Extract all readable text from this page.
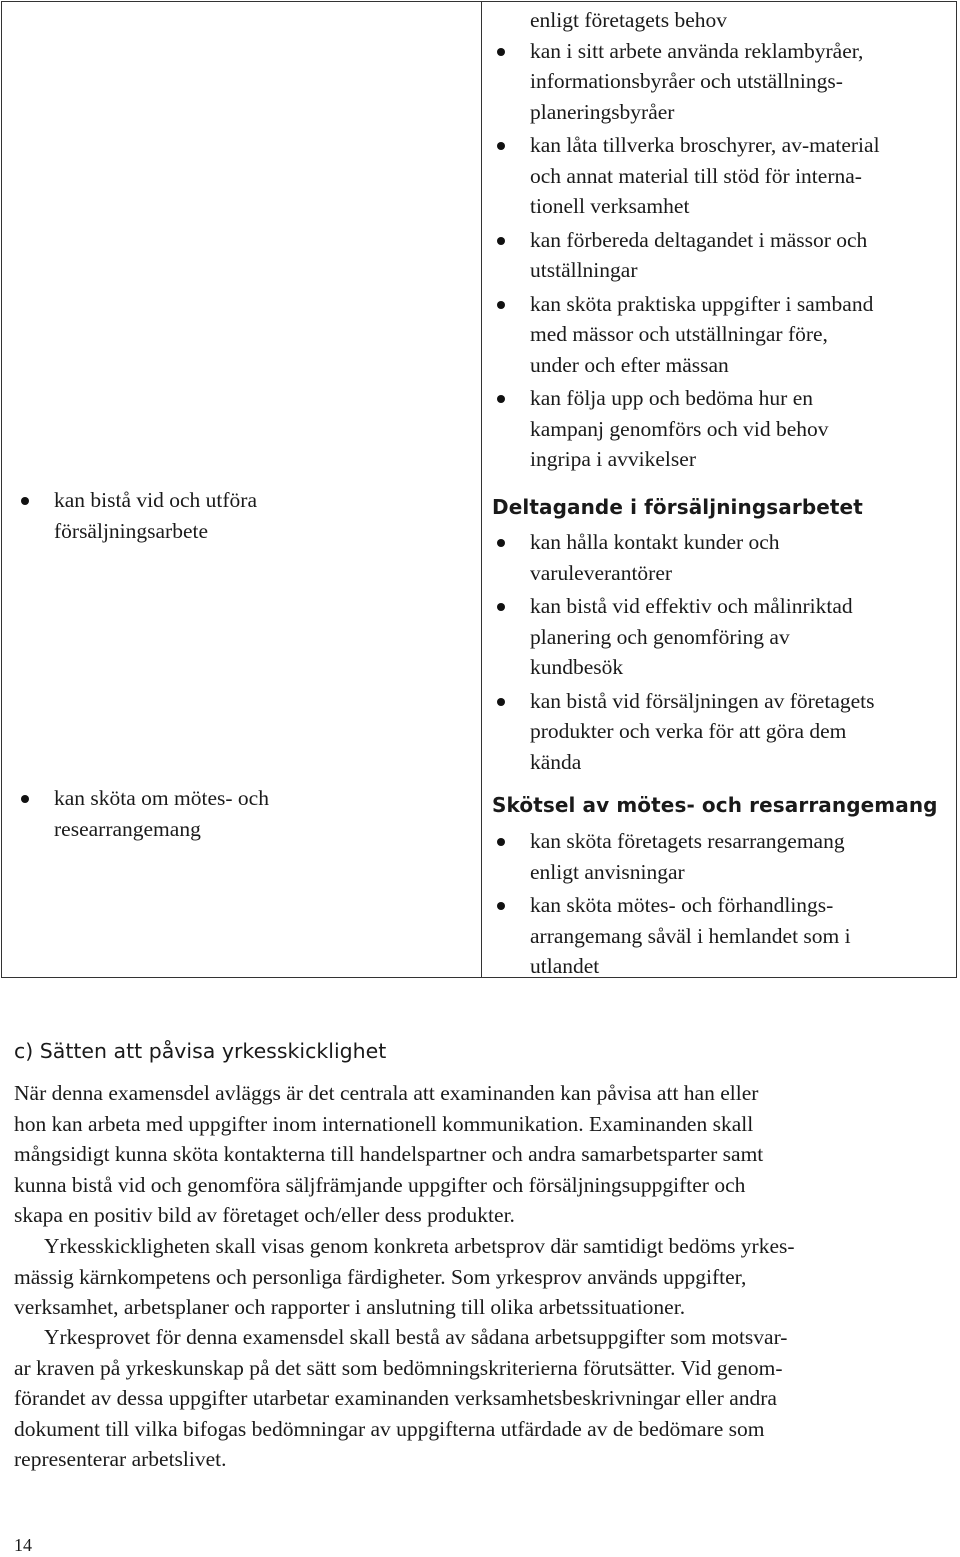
kan bistå vid och utföra
försäljningsarbete
kan sköta om mötes- och
researrangemang
enligt företagets behov
kan i sitt arbete använda reklambyråer,
informationsbyråer och utställnings-
planeringsbyråer
kan låta tillverka broschyrer, av-material
och annat material till stöd för interna-
tionell verksamhet
kan förbereda deltagandet i mässor och
utställningar
kan sköta praktiska uppgifter i samband
med mässor och utställningar före,
under och efter mässan
kan följa upp och bedöma hur en
kampanj genomförs och vid behov
ingripa i avvikelser
Deltagande i försäljningsarbetet
kan hålla kontakt kunder och
varuleverantörer
kan bistå vid effektiv och målinriktad
planering och genomföring av
kundbesök
kan bistå vid försäljningen av företagets
produkter och verka för att göra dem
kända
Skötsel av mötes- och resarrangemang
kan sköta företagets resarrangemang
enligt anvisningar
kan sköta mötes- och förhandlings-
arrangemang såväl i hemlandet som i
utlandet
c) Sätten att påvisa yrkesskicklighet
När denna examensdel avläggs är det centrala att examinanden kan påvisa att han eller
hon kan arbeta med uppgifter inom internationell kommunikation. Examinanden skall
mångsidigt kunna sköta kontakterna till handelspartner och andra samarbetsparter samt
kunna bistå vid och genomföra säljfrämjande uppgifter och försäljningsuppgifter och
skapa en positiv bild av företaget och/eller dess produkter.
Yrkesskickligheten skall visas genom konkreta arbetsprov där samtidigt bedöms yrkes-
mässig kärnkompetens och personliga färdigheter. Som yrkesprov används uppgifter,
verksamhet, arbetsplaner och rapporter i anslutning till olika arbetssituationer.
Yrkesprovet för denna examensdel skall bestå av sådana arbetsuppgifter som motsvar-
ar kraven på yrkeskunskap på det sätt som bedömningskriterierna förutsätter. Vid genom-
förandet av dessa uppgifter utarbetar examinanden verksamhetsbeskrivningar eller andra
dokument till vilka bifogas bedömningar av uppgifterna utfärdade av de bedömare som
representerar arbetslivet.
14
